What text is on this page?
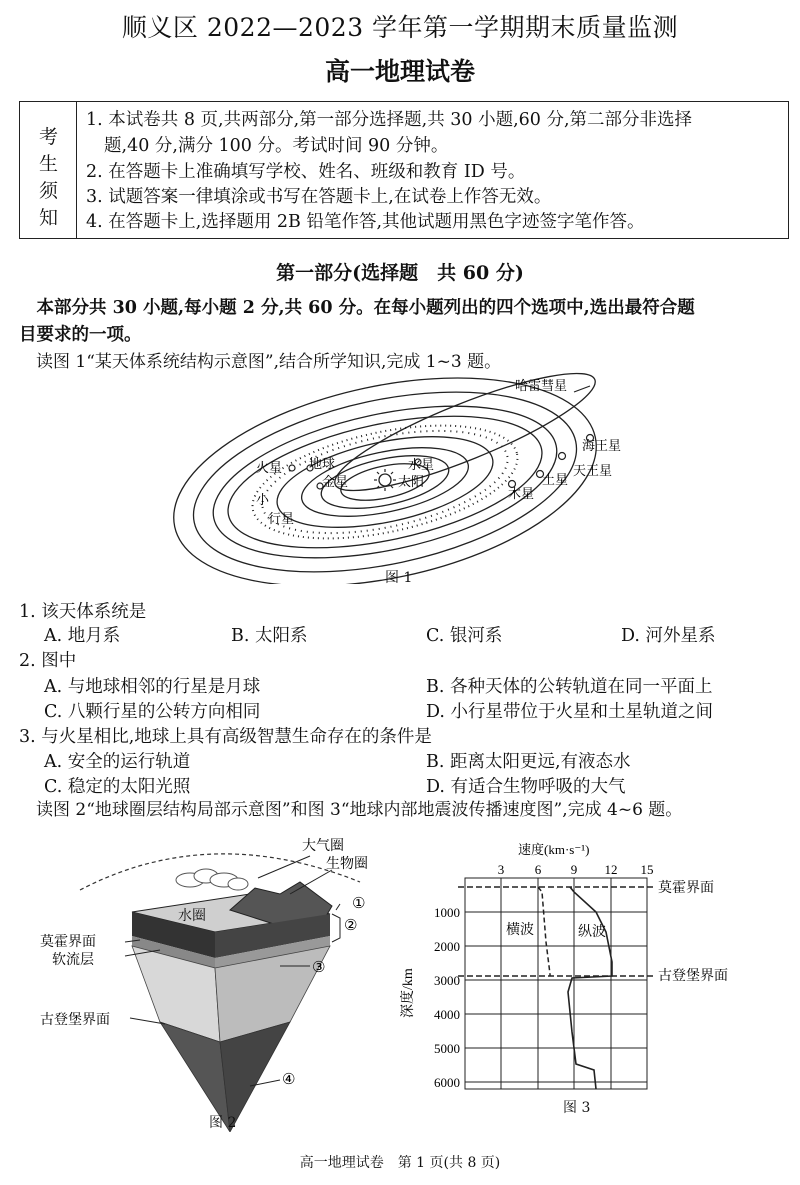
顺义区 2022—2023 学年第一学期期末质量监测
高一地理试卷
考
生
须
知
1. 本试卷共 8 页,共两部分,第一部分选择题,共 30 小题,60 分,第二部分非选择
题,40 分,满分 100 分。考试时间 90 分钟。
2. 在答题卡上准确填写学校、姓名、班级和教育 ID 号。
3. 试题答案一律填涂或书写在答题卡上,在试卷上作答无效。
4. 在答题卡上,选择题用 2B 铅笔作答,其他试题用黑色字迹签字笔作答。
第一部分(选择题　共 60 分)
　本部分共 30 小题,每小题 2 分,共 60 分。在每小题列出的四个选项中,选出最符合题
目要求的一项。
　读图 1“某天体系统结构示意图”,结合所学知识,完成 1~3 题。
哈雷彗星
海王星
天王星
土星
木星
火星 地球
金星
水星
太阳
小
行星
图 1
1. 该天体系统是
A. 地月系	B. 太阳系	C. 银河系	D. 河外星系
2. 图中
A. 与地球相邻的行星是月球	B. 各种天体的公转轨道在同一平面上
C. 八颗行星的公转方向相同	D. 小行星带位于火星和土星轨道之间
3. 与火星相比,地球上具有高级智慧生命存在的条件是
A. 安全的运行轨道	B. 距离太阳更远,有液态水
C. 稳定的太阳光照	D. 有适合生物呼吸的大气
　读图 2“地球圈层结构局部示意图”和图 3“地球内部地震波传播速度图”,完成 4~6 题。
大气圈
生物圈
水圈
莫霍界面
软流层
古登堡界面
①
②
③
④
图 2
速度(km·s⁻¹)
3 6 9 12 15
1000
2000
3000
4000
5000
6000
深度/km
横波	纵波
莫霍界面
古登堡界面
图 3
高一地理试卷　第 1 页(共 8 页)
